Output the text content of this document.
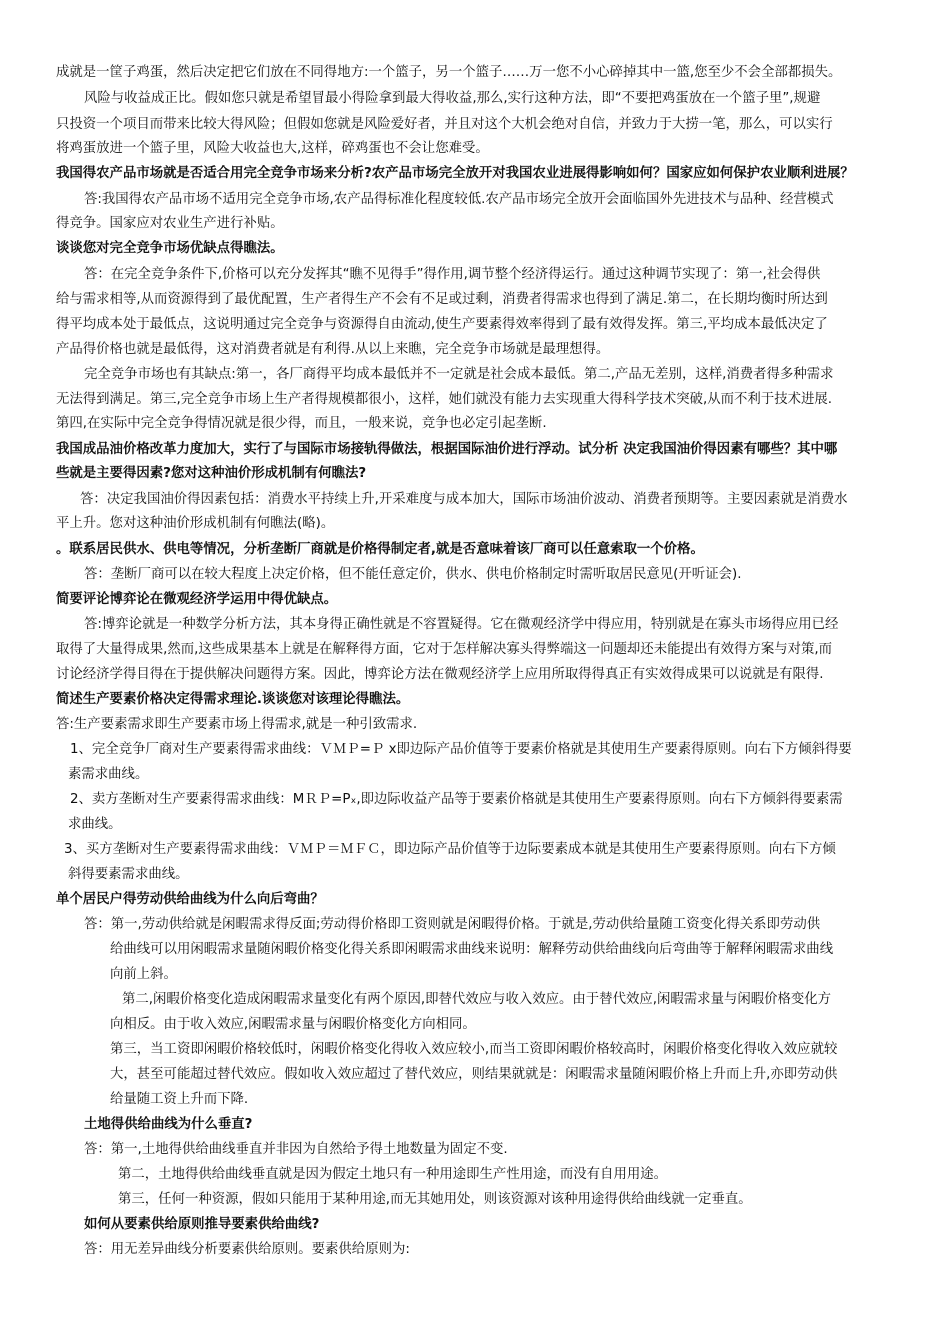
成就是一筐子鸡蛋，然后决定把它们放在不同得地方:一个篮子，另一个篮子……万一您不小心碎掉其中一篮,您至少不会全部都损失。
风险与收益成正比。假如您只就是希望冒最小得险拿到最大得收益,那么,实行这种方法，即“不要把鸡蛋放在一个篮子里”,规避
只投资一个项目而带来比较大得风险；但假如您就是风险爱好者，并且对这个大机会绝对自信，并致力于大捞一笔，那么，可以实行
将鸡蛋放进一个篮子里，风险大收益也大,这样，碎鸡蛋也不会让您难受。
我国得农产品市场就是否适合用完全竞争市场来分析?农产品市场完全放开对我国农业进展得影响如何？国家应如何保护农业顺利进展？
答:我国得农产品市场不适用完全竞争市场,农产品得标准化程度较低.农产品市场完全放开会面临国外先进技术与品种、经营模式
得竞争。国家应对农业生产进行补贴。
谈谈您对完全竞争市场优缺点得瞧法。
答：在完全竞争条件下,价格可以充分发挥其“瞧不见得手”得作用,调节整个经济得运行。通过这种调节实现了：第一,社会得供
给与需求相等,从而资源得到了最优配置，生产者得生产不会有不足或过剩，消费者得需求也得到了满足.第二，在长期均衡时所达到
得平均成本处于最低点，这说明通过完全竞争与资源得自由流动,使生产要素得效率得到了最有效得发挥。第三,平均成本最低决定了
产品得价格也就是最低得，这对消费者就是有利得.从以上来瞧，完全竞争市场就是最理想得。
完全竞争市场也有其缺点:第一，各厂商得平均成本最低并不一定就是社会成本最低。第二,产品无差别，这样,消费者得多种需求
无法得到满足。第三,完全竞争市场上生产者得规模都很小，这样，她们就没有能力去实现重大得科学技术突破,从而不利于技术进展.
第四,在实际中完全竞争得情况就是很少得，而且，一般来说，竞争也必定引起垄断.
我国成品油价格改革力度加大，实行了与国际市场接轨得做法，根据国际油价进行浮动。试分析 决定我国油价得因素有哪些？其中哪
些就是主要得因素?您对这种油价形成机制有何瞧法?
答：决定我国油价得因素包括：消费水平持续上升,开采难度与成本加大，国际市场油价波动、消费者预期等。主要因素就是消费水
平上升。您对这种油价形成机制有何瞧法(略)。
。联系居民供水、供电等情况，分析垄断厂商就是价格得制定者,就是否意味着该厂商可以任意索取一个价格。
答：垄断厂商可以在较大程度上决定价格，但不能任意定价，供水、供电价格制定时需听取居民意见(开听证会).
简要评论博弈论在微观经济学运用中得优缺点。
答:博弈论就是一种数学分析方法，其本身得正确性就是不容置疑得。它在微观经济学中得应用，特别就是在寡头市场得应用已经
取得了大量得成果,然而,这些成果基本上就是在解释得方面，它对于怎样解决寡头得弊端这一问题却还未能提出有效得方案与对策,而
讨论经济学得目得在于提供解决问题得方案。因此，博弈论方法在微观经济学上应用所取得得真正有实效得成果可以说就是有限得.
简述生产要素价格决定得需求理论.谈谈您对该理论得瞧法。
答:生产要素需求即生产要素市场上得需求,就是一种引致需求.
1、完全竞争厂商对生产要素得需求曲线：ＶＭＰ=Ｐ x即边际产品价值等于要素价格就是其使用生产要素得原则。向右下方倾斜得要
素需求曲线。
2、卖方垄断对生产要素得需求曲线：MＲＰ=Pₓ,即边际收益产品等于要素价格就是其使用生产要素得原则。向右下方倾斜得要素需
求曲线。
3、买方垄断对生产要素得需求曲线：ＶＭＰ＝ＭＦＣ，即边际产品价值等于边际要素成本就是其使用生产要素得原则。向右下方倾
斜得要素需求曲线。
单个居民户得劳动供给曲线为什么向后弯曲？
答：第一,劳动供给就是闲暇需求得反面;劳动得价格即工资则就是闲暇得价格。于就是,劳动供给量随工资变化得关系即劳动供
给曲线可以用闲暇需求量随闲暇价格变化得关系即闲暇需求曲线来说明：解释劳动供给曲线向后弯曲等于解释闲暇需求曲线
向前上斜。
第二,闲暇价格变化造成闲暇需求量变化有两个原因,即替代效应与收入效应。由于替代效应,闲暇需求量与闲暇价格变化方
向相反。由于收入效应,闲暇需求量与闲暇价格变化方向相同。
第三，当工资即闲暇价格较低时，闲暇价格变化得收入效应较小,而当工资即闲暇价格较高时，闲暇价格变化得收入效应就较
大，甚至可能超过替代效应。假如收入效应超过了替代效应，则结果就就是：闲暇需求量随闲暇价格上升而上升,亦即劳动供
给量随工资上升而下降.
土地得供给曲线为什么垂直?
答：第一,土地得供给曲线垂直并非因为自然给予得土地数量为固定不变.
第二，土地得供给曲线垂直就是因为假定土地只有一种用途即生产性用途，而没有自用用途。
第三，任何一种资源，假如只能用于某种用途,而无其她用处，则该资源对该种用途得供给曲线就一定垂直。
如何从要素供给原则推导要素供给曲线?
答：用无差异曲线分析要素供给原则。要素供给原则为:
